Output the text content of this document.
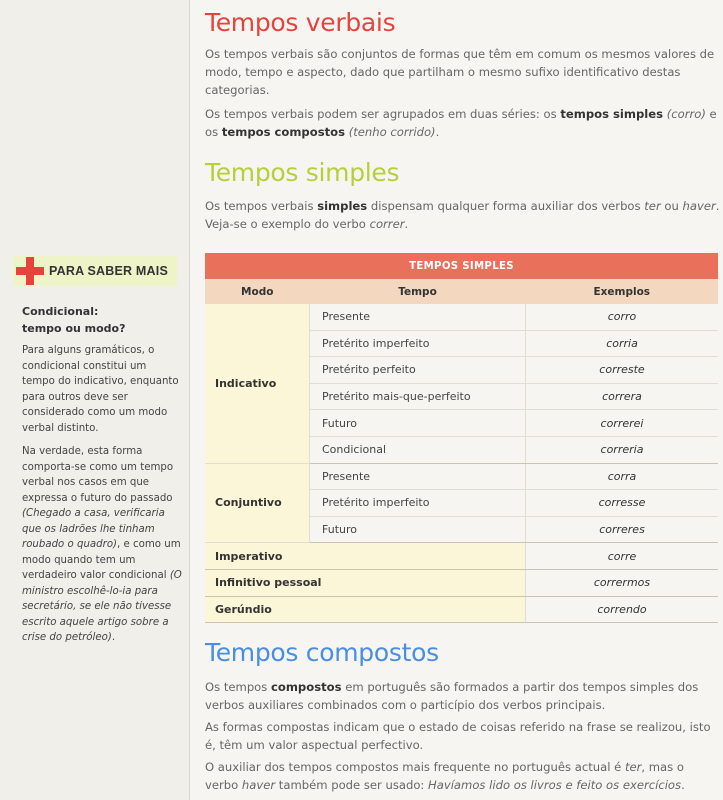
PARA SABER MAIS
Condicional:
tempo ou modo?

Para alguns gramáticos, o condicional constitui um tempo do indicativo, enquanto para outros deve ser considerado como um modo verbal distinto.

Na verdade, esta forma comporta-se como um tempo verbal nos casos em que expressa o futuro do passado (Chegado a casa, verificaria que os ladrões lhe tinham roubado o quadro), e como um modo quando tem um verdadeiro valor condicional (O ministro escolhê-lo-ia para secretário, se ele não tivesse escrito aquele artigo sobre a crise do petróleo).

Tempos verbais

Os tempos verbais são conjuntos de formas que têm em comum os mesmos valores de modo, tempo e aspecto, dado que partilham o mesmo sufixo identificativo destas categorias.

Os tempos verbais podem ser agrupados em duas séries: os tempos simples (corro) e os tempos compostos (tenho corrido).

Tempos simples

Os tempos verbais simples dispensam qualquer forma auxiliar dos verbos ter ou haver. Veja-se o exemplo do verbo correr.

Tempos compostos

Os tempos compostos em português são formados a partir dos tempos simples dos verbos auxiliares combinados com o particípio dos verbos principais.

As formas compostas indicam que o estado de coisas referido na frase se realizou, isto é, têm um valor aspectual perfectivo.

O auxiliar dos tempos compostos mais frequente no português actual é ter, mas o verbo haver também pode ser usado: Havíamos lido os livros e feito os exercícios.

TEMPOS SIMPLES		
Modo	Tempo	Exemplos
Indicativo	Presente	corro
	Pretérito imperfeito	corria
	Pretérito perfeito	correste
	Pretérito mais-que-perfeito	correra
	Futuro	correrei
	Condicional	correria
Conjuntivo	Presente	corra
	Pretérito imperfeito	corresse
	Futuro	correres
Imperativo		corre
Infinitivo pessoal		corrermos
Gerúndio		correndo
